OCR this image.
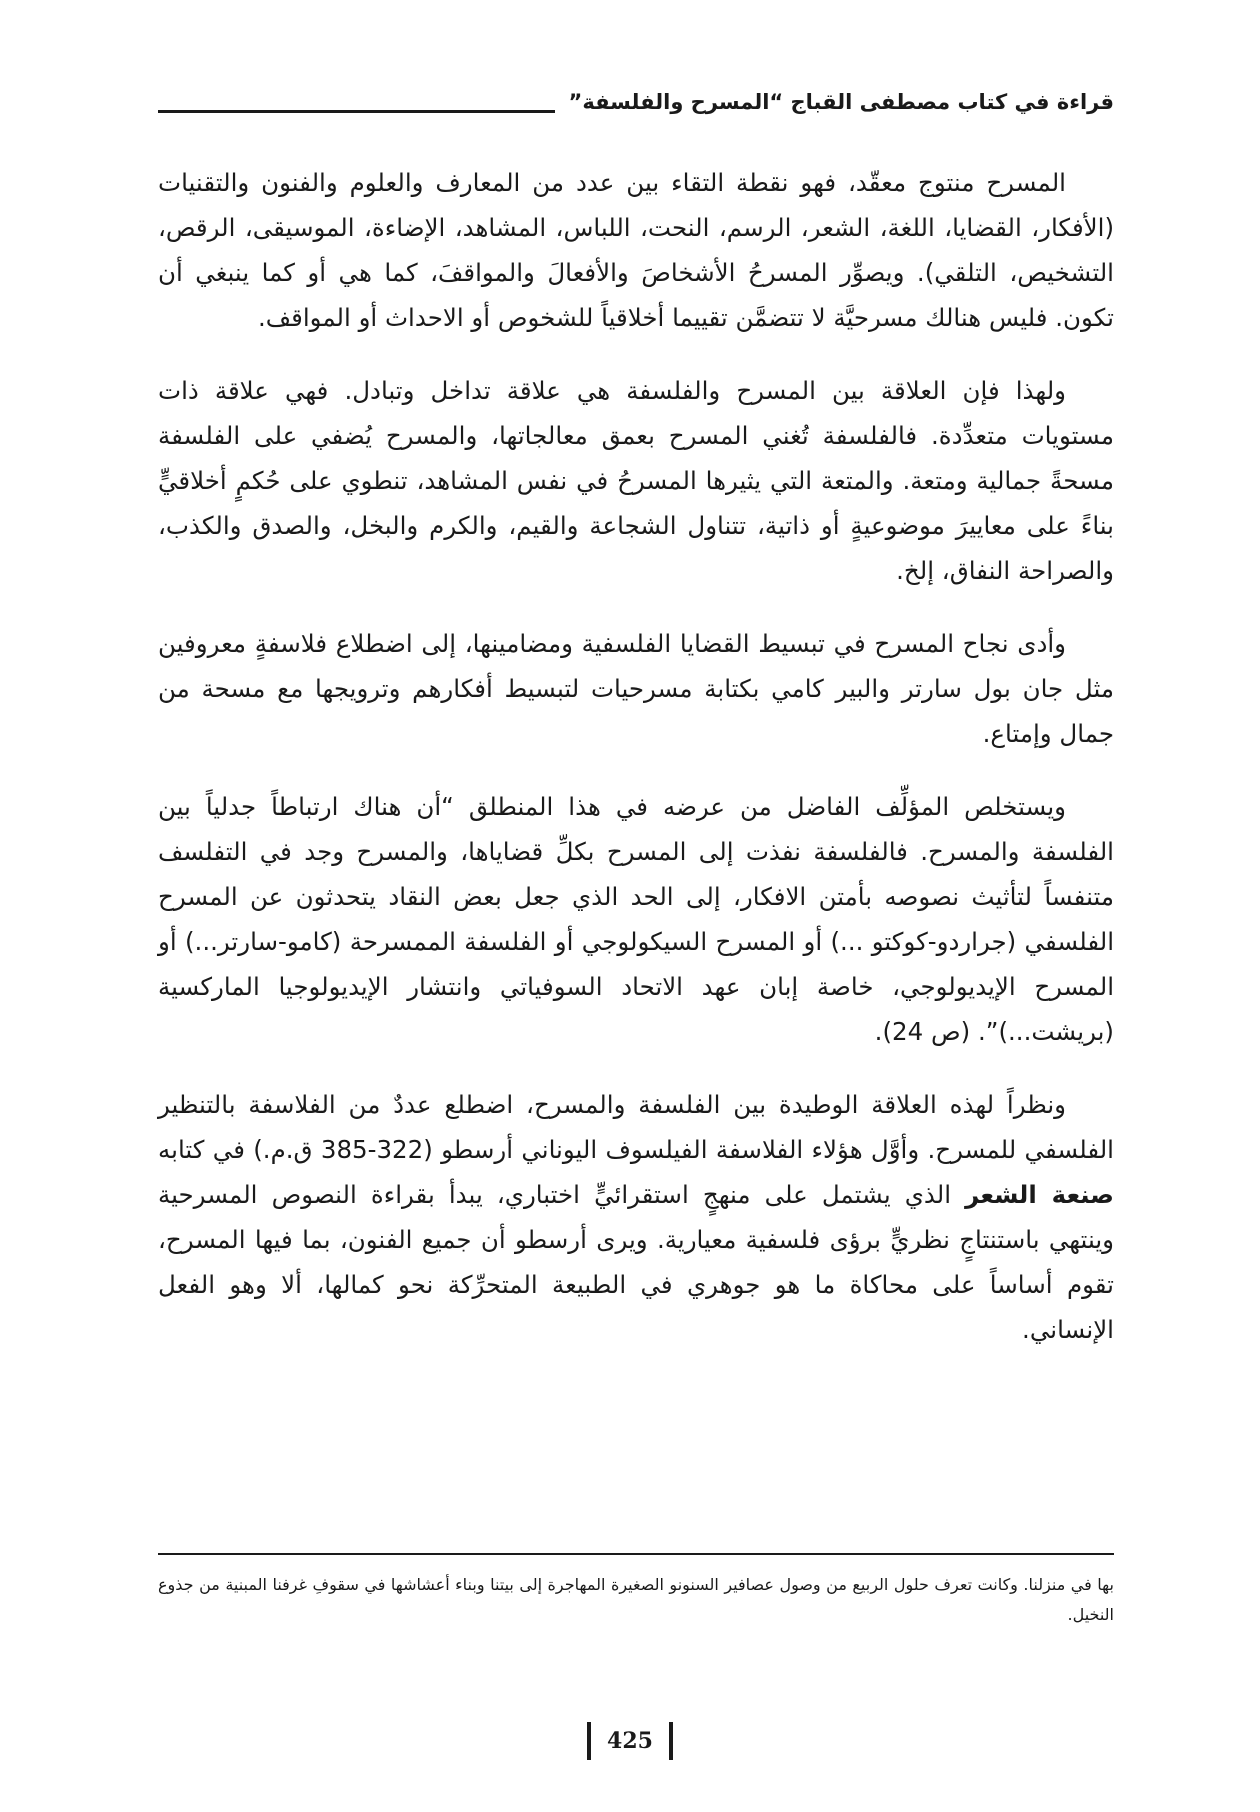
قراءة في كتاب مصطفى القباج “المسرح والفلسفة”

المسرح منتوج معقّد، فهو نقطة التقاء بين عدد من المعارف والعلوم والفنون والتقنيات (الأفكار، القضايا، اللغة، الشعر، الرسم، النحت، اللباس، المشاهد، الإضاءة، الموسيقى، الرقص، التشخيص، التلقي). ويصوِّر المسرحُ الأشخاصَ والأفعالَ والمواقفَ، كما هي أو كما ينبغي أن تكون. فليس هنالك مسرحيَّة لا تتضمَّن تقييما أخلاقياً للشخوص أو الاحداث أو المواقف.

ولهذا فإن العلاقة بين المسرح والفلسفة هي علاقة تداخل وتبادل. فهي علاقة ذات مستويات متعدِّدة. فالفلسفة تُغني المسرح بعمق معالجاتها، والمسرح يُضفي على الفلسفة مسحةً جمالية ومتعة. والمتعة التي يثيرها المسرحُ في نفس المشاهد، تنطوي على حُكمٍ أخلاقيٍّ بناءً على معاييرَ موضوعيةٍ أو ذاتية، تتناول الشجاعة والقيم، والكرم والبخل، والصدق والكذب، والصراحة النفاق، إلخ.

وأدى نجاح المسرح في تبسيط القضايا الفلسفية ومضامينها، إلى اضطلاع فلاسفةٍ معروفين مثل جان بول سارتر والبير كامي بكتابة مسرحيات لتبسيط أفكارهم وترويجها مع مسحة من جمال وإمتاع.

ويستخلص المؤلِّف الفاضل من عرضه في هذا المنطلق “أن هناك ارتباطاً جدلياً بين الفلسفة والمسرح. فالفلسفة نفذت إلى المسرح بكلِّ قضاياها، والمسرح وجد في التفلسف متنفساً لتأثيث نصوصه بأمتن الافكار، إلى الحد الذي جعل بعض النقاد يتحدثون عن المسرح الفلسفي (جراردو-كوكتو ...) أو المسرح السيكولوجي أو الفلسفة الممسرحة (كامو-سارتر...) أو المسرح الإيديولوجي، خاصة إبان عهد الاتحاد السوفياتي وانتشار الإيديولوجيا الماركسية (بريشت...)”. (ص 24).

ونظراً لهذه العلاقة الوطيدة بين الفلسفة والمسرح، اضطلع عددٌ من الفلاسفة بالتنظير الفلسفي للمسرح. وأوَّل هؤلاء الفلاسفة الفيلسوف اليوناني أرسطو (322-385 ق.م.) في كتابه صنعة الشعر الذي يشتمل على منهجٍ استقرائيٍّ اختباري، يبدأ بقراءة النصوص المسرحية وينتهي باستنتاجٍ نظريٍّ برؤى فلسفية معيارية. ويرى أرسطو أن جميع الفنون، بما فيها المسرح، تقوم أساساً على محاكاة ما هو جوهري في الطبيعة المتحرِّكة نحو كمالها، ألا وهو الفعل الإنساني.

بها في منزلنا. وكانت تعرف حلول الربيع من وصول عصافير السنونو الصغيرة المهاجرة إلى بيتنا وبناء أعشاشها في سقوفِ غرفنا المبنية من جذوع النخيل.
425
